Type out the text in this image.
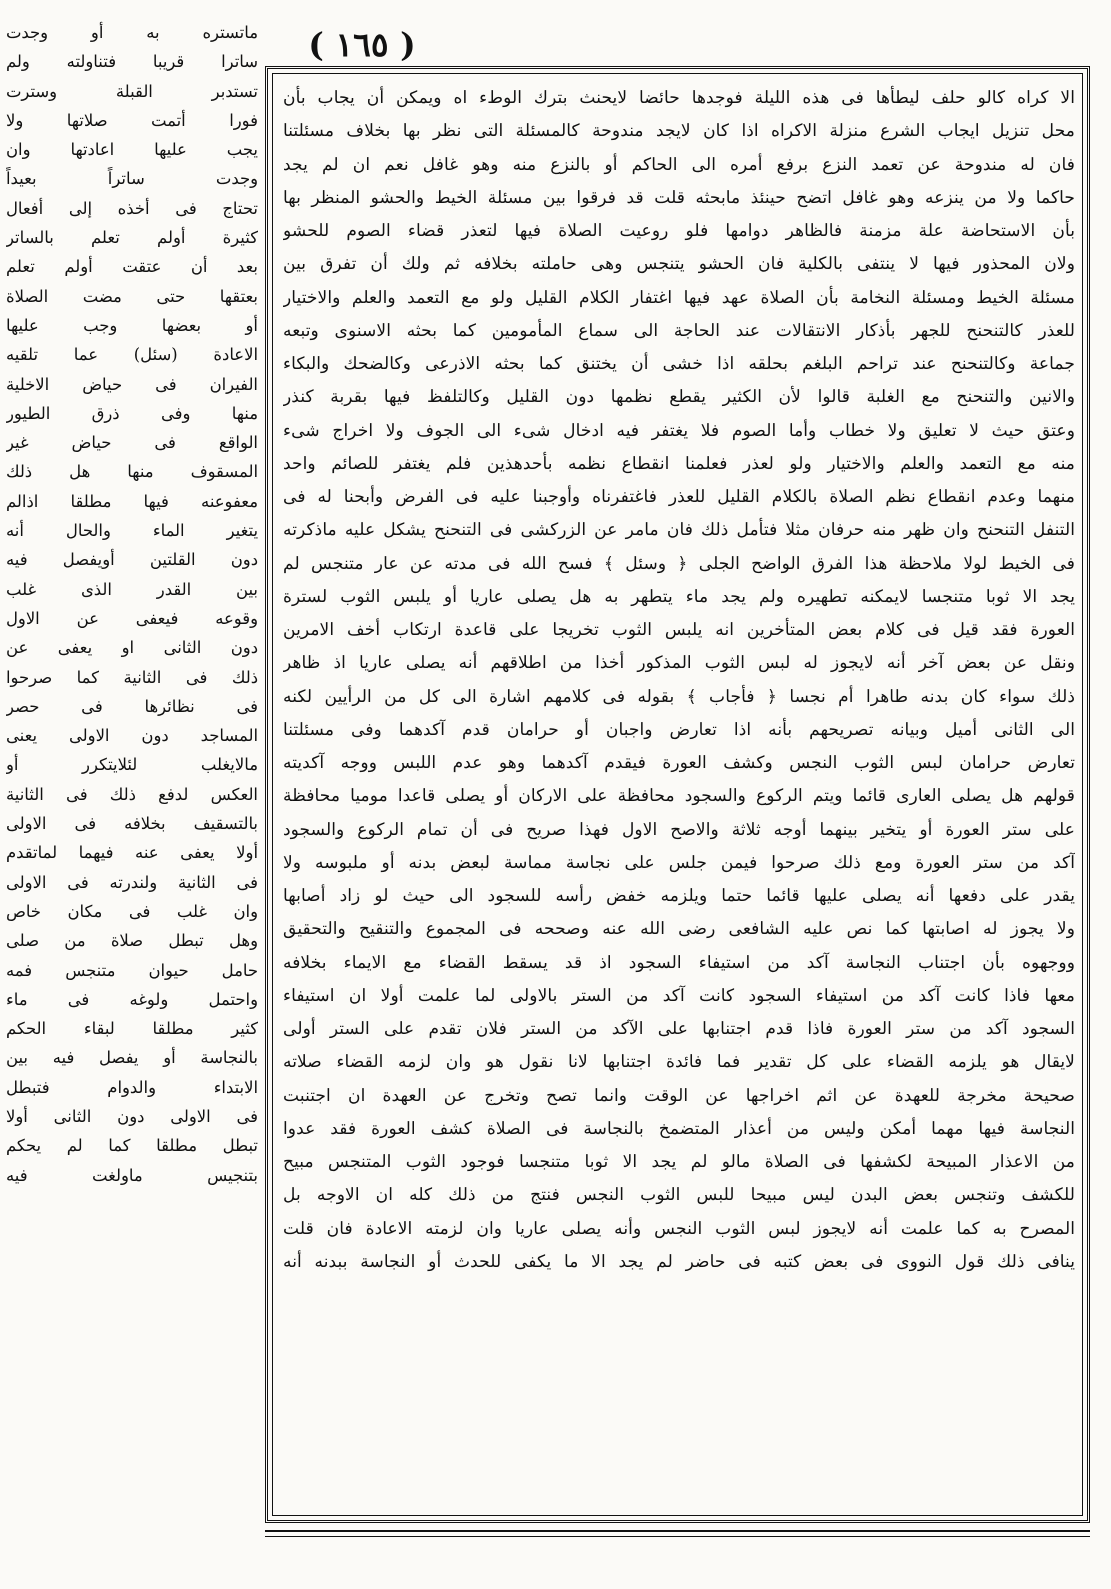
( ١٦٥ )
الا كراه كالو حلف ليطأها فى هذه الليلة فوجدها حائضا لايحنث بترك الوطء اه ويمكن أن يجاب بأن
محل تنزيل ايجاب الشرع منزلة الاكراه اذا كان لايجد مندوحة كالمسئلة التى نظر بها بخلاف مسئلتنا
فان له مندوحة عن تعمد النزع برفع أمره الى الحاكم أو بالنزع منه وهو غافل نعم ان لم يجد
حاكما ولا من ينزعه وهو غافل اتضح حينئذ مابحثه قلت قد فرقوا بين مسئلة الخيط والحشو المنظر بها
بأن الاستحاضة علة مزمنة فالظاهر دوامها فلو روعيت الصلاة فيها لتعذر قضاء الصوم للحشو
ولان المحذور فيها لا ينتفى بالكلية فان الحشو يتنجس وهى حاملته بخلافه ثم ولك أن تفرق بين
مسئلة الخيط ومسئلة النخامة بأن الصلاة عهد فيها اغتفار الكلام القليل ولو مع التعمد والعلم والاختيار
للعذر كالتنحنح للجهر بأذكار الانتقالات عند الحاجة الى سماع المأمومين كما بحثه الاسنوى وتبعه
جماعة وكالتنحنح عند تراحم البلغم بحلقه اذا خشى أن يختنق كما بحثه الاذرعى وكالضحك والبكاء
والانين والتنحنح مع الغلبة قالوا لأن الكثير يقطع نظمها دون القليل وكالتلفظ فيها بقربة كنذر
وعتق حيث لا تعليق ولا خطاب وأما الصوم فلا يغتفر فيه ادخال شىء الى الجوف ولا اخراج شىء
منه مع التعمد والعلم والاختيار ولو لعذر فعلمنا انقطاع نظمه بأحدهذين فلم يغتفر للصائم واحد
منهما وعدم انقطاع نظم الصلاة بالكلام القليل للعذر فاغتفرناه وأوجبنا عليه فى الفرض وأبحنا له فى
التنفل التنحنح وان ظهر منه حرفان مثلا فتأمل ذلك فان مامر عن الزركشى فى التنحنح يشكل عليه ماذكرته
فى الخيط لولا ملاحظة هذا الفرق الواضح الجلى ﴿ وسئل ﴾ فسح الله فى مدته عن عار متنجس لم
يجد الا ثوبا متنجسا لايمكنه تطهيره ولم يجد ماء يتطهر به هل يصلى عاريا أو يلبس الثوب لسترة
العورة فقد قيل فى كلام بعض المتأخرين انه يلبس الثوب تخريجا على قاعدة ارتكاب أخف الامرين
ونقل عن بعض آخر أنه لايجوز له لبس الثوب المذكور أخذا من اطلاقهم أنه يصلى عاريا اذ ظاهر
ذلك سواء كان بدنه طاهرا أم نجسا ﴿ فأجاب ﴾ بقوله فى كلامهم اشارة الى كل من الرأيين لكنه
الى الثانى أميل وبيانه تصريحهم بأنه اذا تعارض واجبان أو حرامان قدم آكدهما وفى مسئلتنا
تعارض حرامان لبس الثوب النجس وكشف العورة فيقدم آكدهما وهو عدم اللبس ووجه آكديته
قولهم هل يصلى العارى قائما ويتم الركوع والسجود محافظة على الاركان أو يصلى قاعدا موميا محافظة
على ستر العورة أو يتخير بينهما أوجه ثلاثة والاصح الاول فهذا صريح فى أن تمام الركوع والسجود
آكد من ستر العورة ومع ذلك صرحوا فيمن جلس على نجاسة مماسة لبعض بدنه أو ملبوسه ولا
يقدر على دفعها أنه يصلى عليها قائما حتما ويلزمه خفض رأسه للسجود الى حيث لو زاد أصابها
ولا يجوز له اصابتها كما نص عليه الشافعى رضى الله عنه وصححه فى المجموع والتنقيح والتحقيق
ووجهوه بأن اجتناب النجاسة آكد من استيفاء السجود اذ قد يسقط القضاء مع الايماء بخلافه
معها فاذا كانت آكد من استيفاء السجود كانت آكد من الستر بالاولى لما علمت أولا ان استيفاء
السجود آكد من ستر العورة فاذا قدم اجتنابها على الآكد من الستر فلان تقدم على الستر أولى
لايقال هو يلزمه القضاء على كل تقدير فما فائدة اجتنابها لانا نقول هو وان لزمه القضاء صلاته
صحيحة مخرجة للعهدة عن اثم اخراجها عن الوقت وانما تصح وتخرج عن العهدة ان اجتنبت
النجاسة فيها مهما أمكن وليس من أعذار المتضمخ بالنجاسة فى الصلاة كشف العورة فقد عدوا
من الاعذار المبيحة لكشفها فى الصلاة مالو لم يجد الا ثوبا متنجسا فوجود الثوب المتنجس مبيح
للكشف وتنجس بعض البدن ليس مبيحا للبس الثوب النجس فنتج من ذلك كله ان الاوجه بل
المصرح به كما علمت أنه لايجوز لبس الثوب النجس وأنه يصلى عاريا وان لزمته الاعادة فان قلت
ينافى ذلك قول النووى فى بعض كتبه فى حاضر لم يجد الا ما يكفى للحدث أو النجاسة ببدنه أنه
ماتستره به أو وجدت
ساترا قريبا فتناولته ولم
تستدبر القبلة وسترت
فورا أتمت صلاتها ولا
يجب عليها اعادتها وان
وجدت ساتراً بعيداً
تحتاج فى أخذه إلى أفعال
كثيرة أولم تعلم بالساتر
بعد أن عتقت أولم تعلم
بعتقها حتى مضت الصلاة
أو بعضها وجب عليها
الاعادة (سئل) عما تلقيه
الفيران فى حياض الاخلية
منها وفى ذرق الطيور
الواقع فى حياض غير
المسقوف منها هل ذلك
معفوعنه فيها مطلقا اذالم
يتغير الماء والحال أنه
دون القلتين أويفصل فيه
بين القدر الذى غلب
وقوعه فيعفى عن الاول
دون الثانى او يعفى عن
ذلك فى الثانية كما صرحوا
فى نظائرها فى حصر
المساجد دون الاولى يعنى
مالايغلب لئلايتكرر أو
العكس لدفع ذلك فى الثانية
بالتسقيف بخلافه فى الاولى
أولا يعفى عنه فيهما لماتقدم
فى الثانية ولندرته فى الاولى
وان غلب فى مكان خاص
وهل تبطل صلاة من صلى
حامل حيوان متنجس فمه
واحتمل ولوغه فى ماء
كثير مطلقا لبقاء الحكم
بالنجاسة أو يفصل فيه بين
الابتداء والدوام فتبطل
فى الاولى دون الثانى أولا
تبطل مطلقا كما لم يحكم
بتنجيس ماولغت فيه
